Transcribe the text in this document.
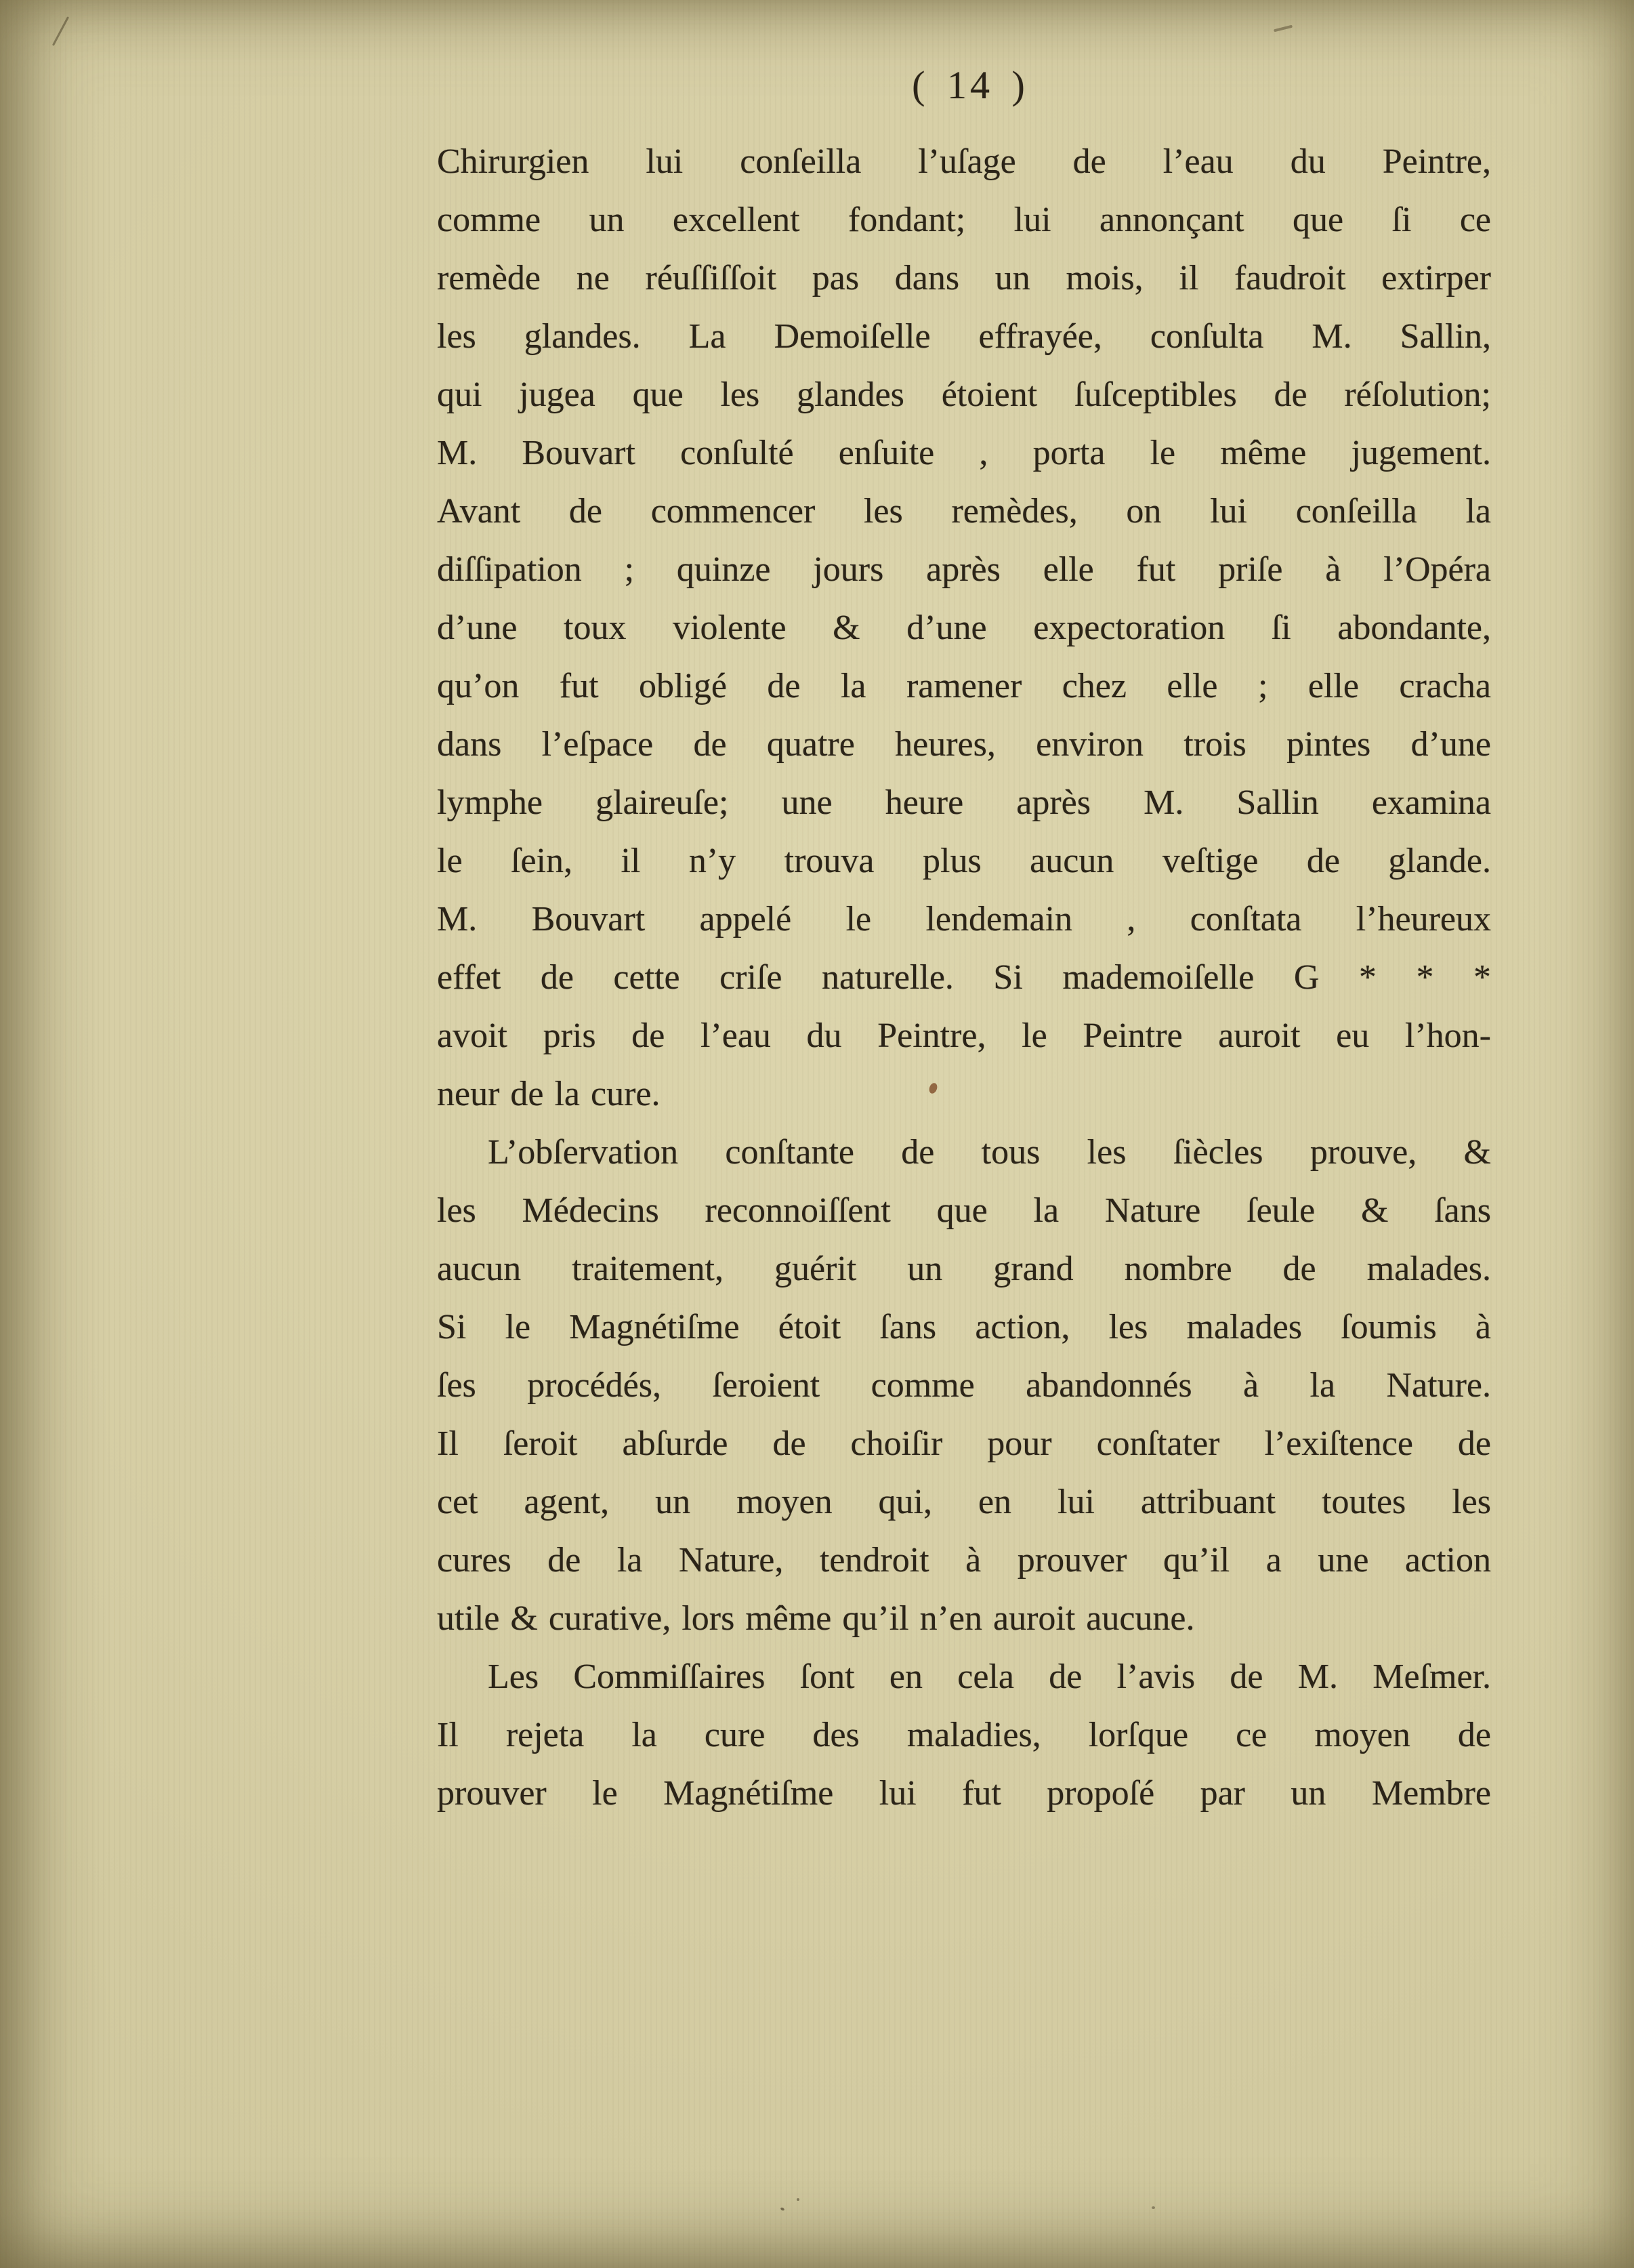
( 14 )
Chirurgien lui conſeilla l’uſage de l’eau du Peintre,
comme un excellent fondant; lui annonçant que ſi ce
remède ne réuſſiſſoit pas dans un mois, il faudroit extirper
les glandes. La Demoiſelle effrayée, conſulta M. Sallin,
qui jugea que les glandes étoient ſuſceptibles de réſolution;
M. Bouvart conſulté enſuite , porta le même jugement.
Avant de commencer les remèdes, on lui conſeilla la
diſſipation ; quinze jours après elle fut priſe à l’Opéra
d’une toux violente & d’une expectoration ſi abondante,
qu’on fut obligé de la ramener chez elle ; elle cracha
dans l’eſpace de quatre heures, environ trois pintes d’une
lymphe glaireuſe; une heure après M. Sallin examina
le ſein, il n’y trouva plus aucun veſtige de glande.
M. Bouvart appelé le lendemain , conſtata l’heureux
effet de cette criſe naturelle. Si mademoiſelle G * * *
avoit pris de l’eau du Peintre, le Peintre auroit eu l’hon-
neur de la cure.
L’obſervation conſtante de tous les ſiècles prouve, &
les Médecins reconnoiſſent que la Nature ſeule & ſans
aucun traitement, guérit un grand nombre de malades.
Si le Magnétiſme étoit ſans action, les malades ſoumis à
ſes procédés, ſeroient comme abandonnés à la Nature.
Il ſeroit abſurde de choiſir pour conſtater l’exiſtence de
cet agent, un moyen qui, en lui attribuant toutes les
cures de la Nature, tendroit à prouver qu’il a une action
utile & curative, lors même qu’il n’en auroit aucune.
Les Commiſſaires ſont en cela de l’avis de M. Meſmer.
Il rejeta la cure des maladies, lorſque ce moyen de
prouver le Magnétiſme lui fut propoſé par un Membre
